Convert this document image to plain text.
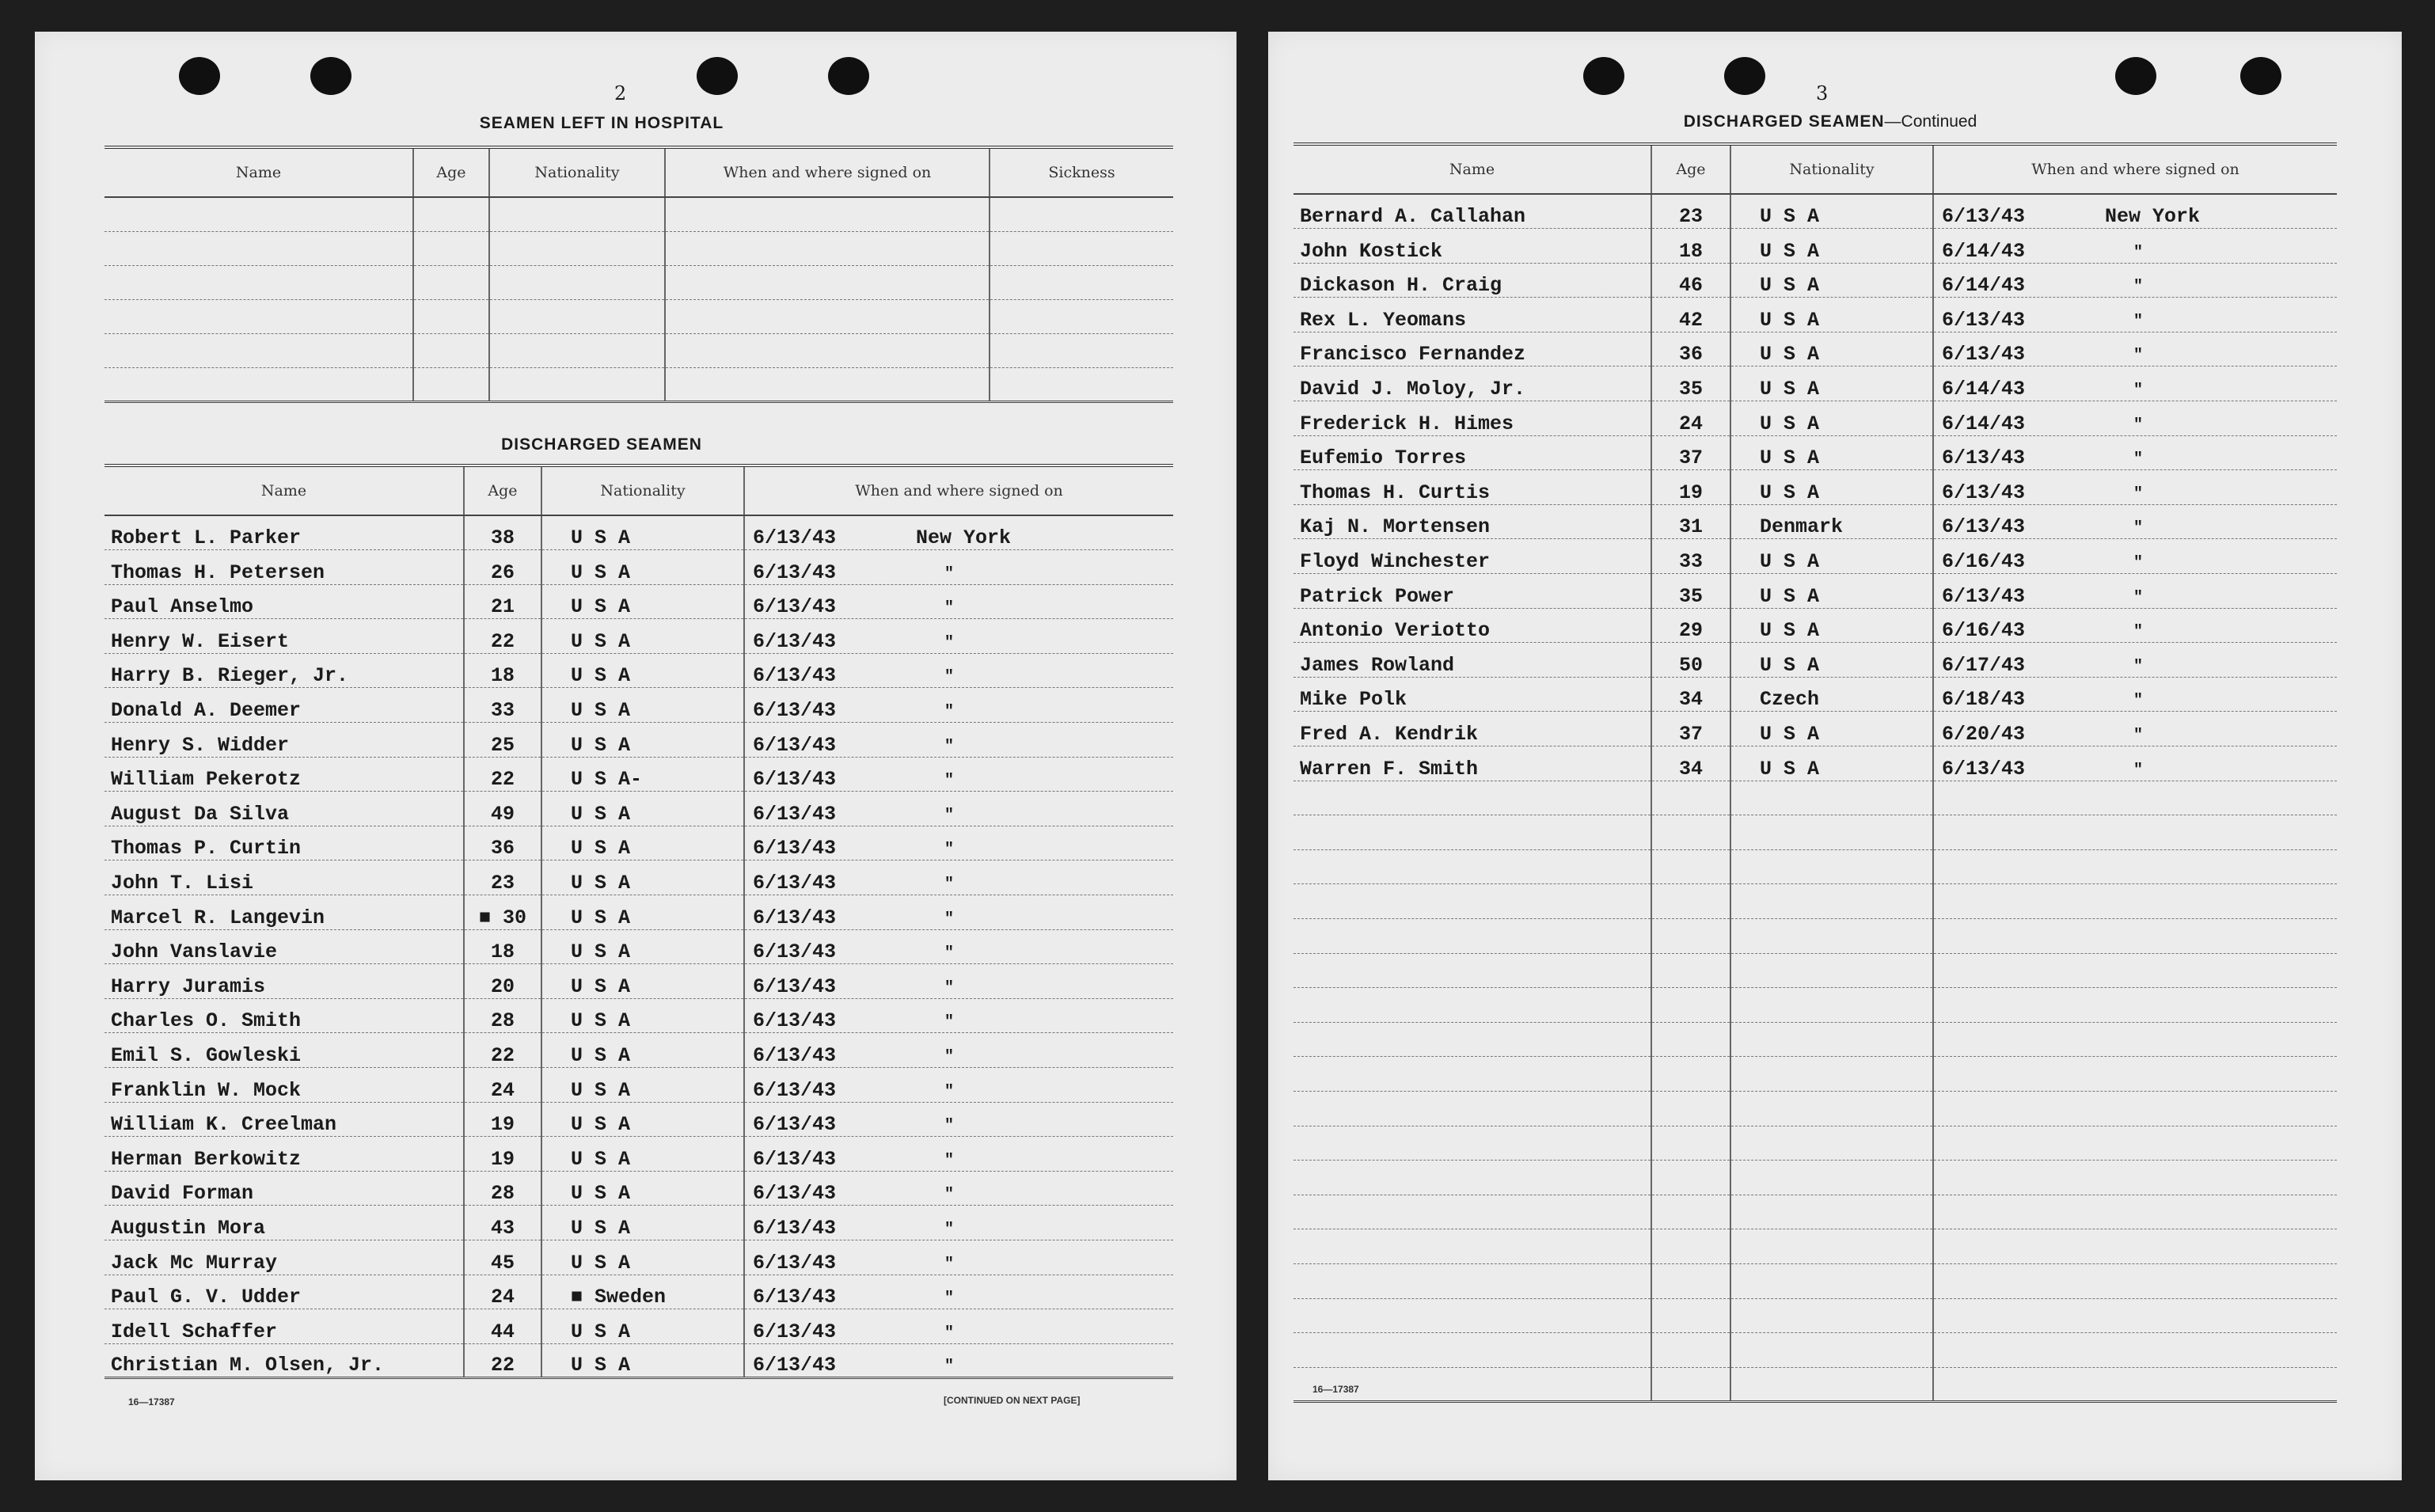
2
SEAMEN LEFT IN HOSPITAL
Name	Age	Nationality	When and where signed on	Sickness

DISCHARGED SEAMEN
Name	Age	Nationality	When and where signed on
Robert L. Parker	38	U S A	6/13/43 New York
Thomas H. Petersen	26	U S A	6/13/43 "
Paul Anselmo	21	U S A	6/13/43 "
Henry W. Eisert	22	U S A	6/13/43 "
Harry B. Rieger, Jr.	18	U S A	6/13/43 "
Donald A. Deemer	33	U S A	6/13/43 "
Henry S. Widder	25	U S A	6/13/43 "
William Pekerotz	22	U S A-	6/13/43 "
August Da Silva	49	U S A	6/13/43 "
Thomas P. Curtin	36	U S A	6/13/43 "
John T. Lisi	23	U S A	6/13/43 "
Marcel R. Langevin	■ 30	U S A	6/13/43 "
John Vanslavie	18	U S A	6/13/43 "
Harry Juramis	20	U S A	6/13/43 "
Charles O. Smith	28	U S A	6/13/43 "
Emil S. Gowleski	22	U S A	6/13/43 "
Franklin W. Mock	24	U S A	6/13/43 "
William K. Creelman	19	U S A	6/13/43 "
Herman Berkowitz	19	U S A	6/13/43 "
David Forman	28	U S A	6/13/43 "
Augustin Mora	43	U S A	6/13/43 "
Jack Mc Murray	45	U S A	6/13/43 "
Paul G. V. Udder	24	■ Sweden	6/13/43 "
Idell Schaffer	44	U S A	6/13/43 "
Christian M. Olsen, Jr.	22	U S A	6/13/43 "
16—17387	[CONTINUED ON NEXT PAGE]
3
DISCHARGED SEAMEN—Continued
Name	Age	Nationality	When and where signed on
Bernard A. Callahan	23	U S A	6/13/43 New York
John Kostick	18	U S A	6/14/43 "
Dickason H. Craig	46	U S A	6/14/43 "
Rex L. Yeomans	42	U S A	6/13/43 "
Francisco Fernandez	36	U S A	6/13/43 "
David J. Moloy, Jr.	35	U S A	6/14/43 "
Frederick H. Himes	24	U S A	6/14/43 "
Eufemio Torres	37	U S A	6/13/43 "
Thomas H. Curtis	19	U S A	6/13/43 "
Kaj N. Mortensen	31	Denmark	6/13/43 "
Floyd Winchester	33	U S A	6/16/43 "
Patrick Power	35	U S A	6/13/43 "
Antonio Veriotto	29	U S A	6/16/43 "
James Rowland	50	U S A	6/17/43 "
Mike Polk	34	Czech	6/18/43 "
Fred A. Kendrik	37	U S A	6/20/43 "
Warren F. Smith	34	U S A	6/13/43 "

16—17387
